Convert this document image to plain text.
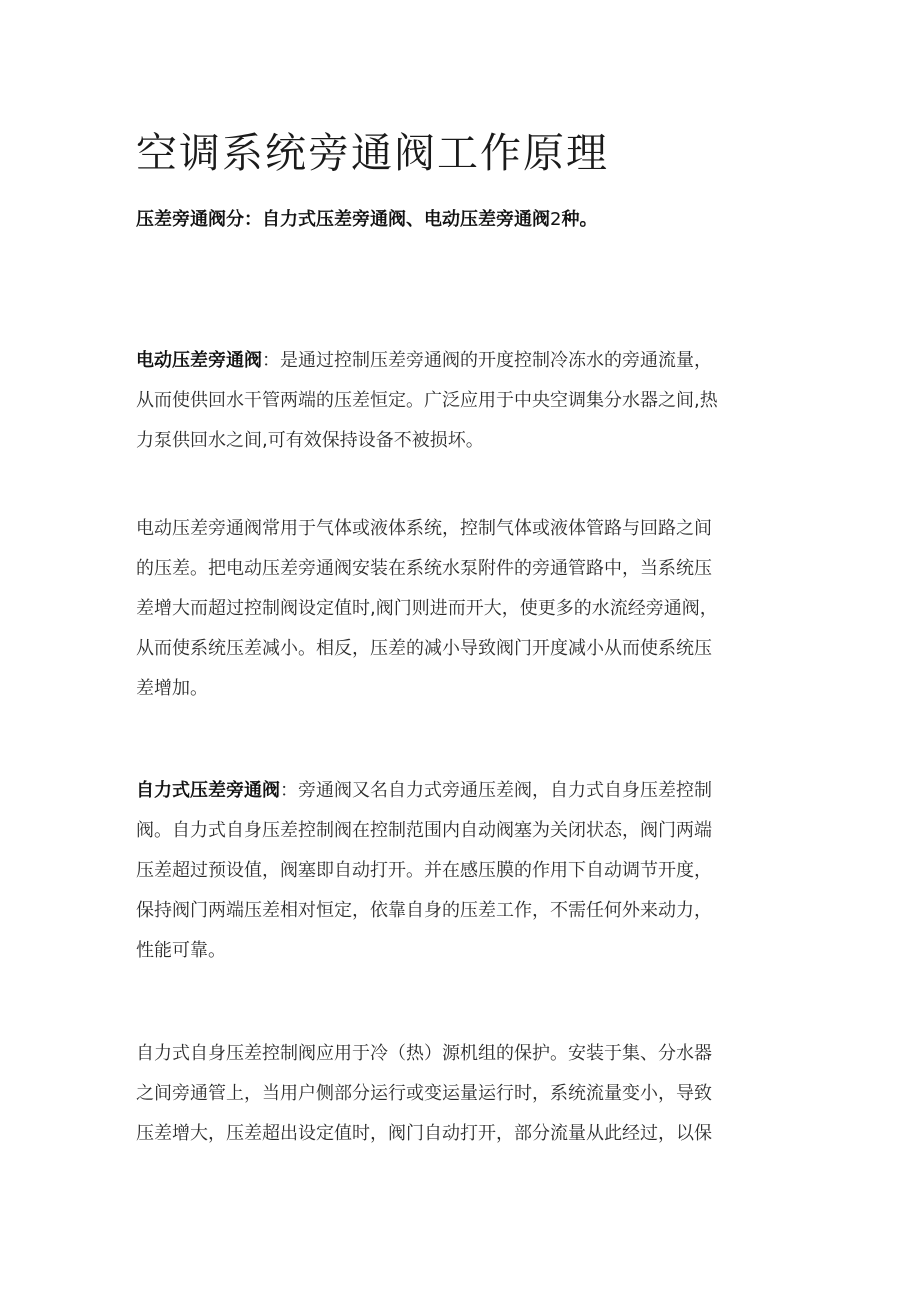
空调系统旁通阀工作原理

压差旁通阀分：自力式压差旁通阀、电动压差旁通阀2种。

电动压差旁通阀：是通过控制压差旁通阀的开度控制冷冻水的旁通流量，
从而使供回水干管两端的压差恒定。广泛应用于中央空调集分水器之间,热
力泵供回水之间,可有效保持设备不被损坏。
电动压差旁通阀常用于气体或液体系统，控制气体或液体管路与回路之间
的压差。把电动压差旁通阀安装在系统水泵附件的旁通管路中，当系统压
差增大而超过控制阀设定值时,阀门则进而开大，使更多的水流经旁通阀，
从而使系统压差减小。相反，压差的减小导致阀门开度减小从而使系统压
差增加。
自力式压差旁通阀：旁通阀又名自力式旁通压差阀，自力式自身压差控制
阀。自力式自身压差控制阀在控制范围内自动阀塞为关闭状态，阀门两端
压差超过预设值，阀塞即自动打开。并在感压膜的作用下自动调节开度，
保持阀门两端压差相对恒定，依靠自身的压差工作，不需任何外来动力，
性能可靠。
自力式自身压差控制阀应用于冷（热）源机组的保护。安装于集、分水器
之间旁通管上，当用户侧部分运行或变运量运行时，系统流量变小，导致
压差增大，压差超出设定值时，阀门自动打开，部分流量从此经过，以保
